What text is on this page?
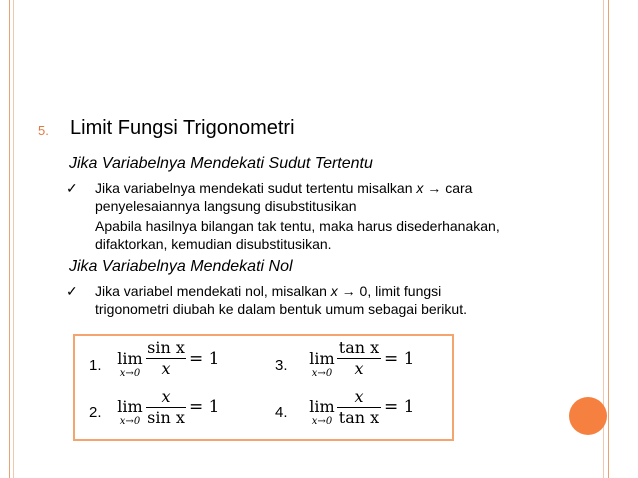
5. Limit Fungsi Trigonometri
Jika Variabelnya Mendekati Sudut Tertentu
✓ Jika variabelnya mendekati sudut tertentu misalkan x → cara
penyelesaiannya langsung disubstitusikan
Apabila hasilnya bilangan tak tentu, maka harus disederhanakan,
difaktorkan, kemudian disubstitusikan.
Jika Variabelnya Mendekati Nol
✓ Jika variabel mendekati nol, misalkan x → 0, limit fungsi
trigonometri diubah ke dalam bentuk umum sebagai berikut.
1. lim
x→0
sin x
x	= 1
2. lim
x→0
x
sin x
= 1
3. lim
x→0
tan x
x	= 1
4. lim
x→0
x
tan x
= 1
